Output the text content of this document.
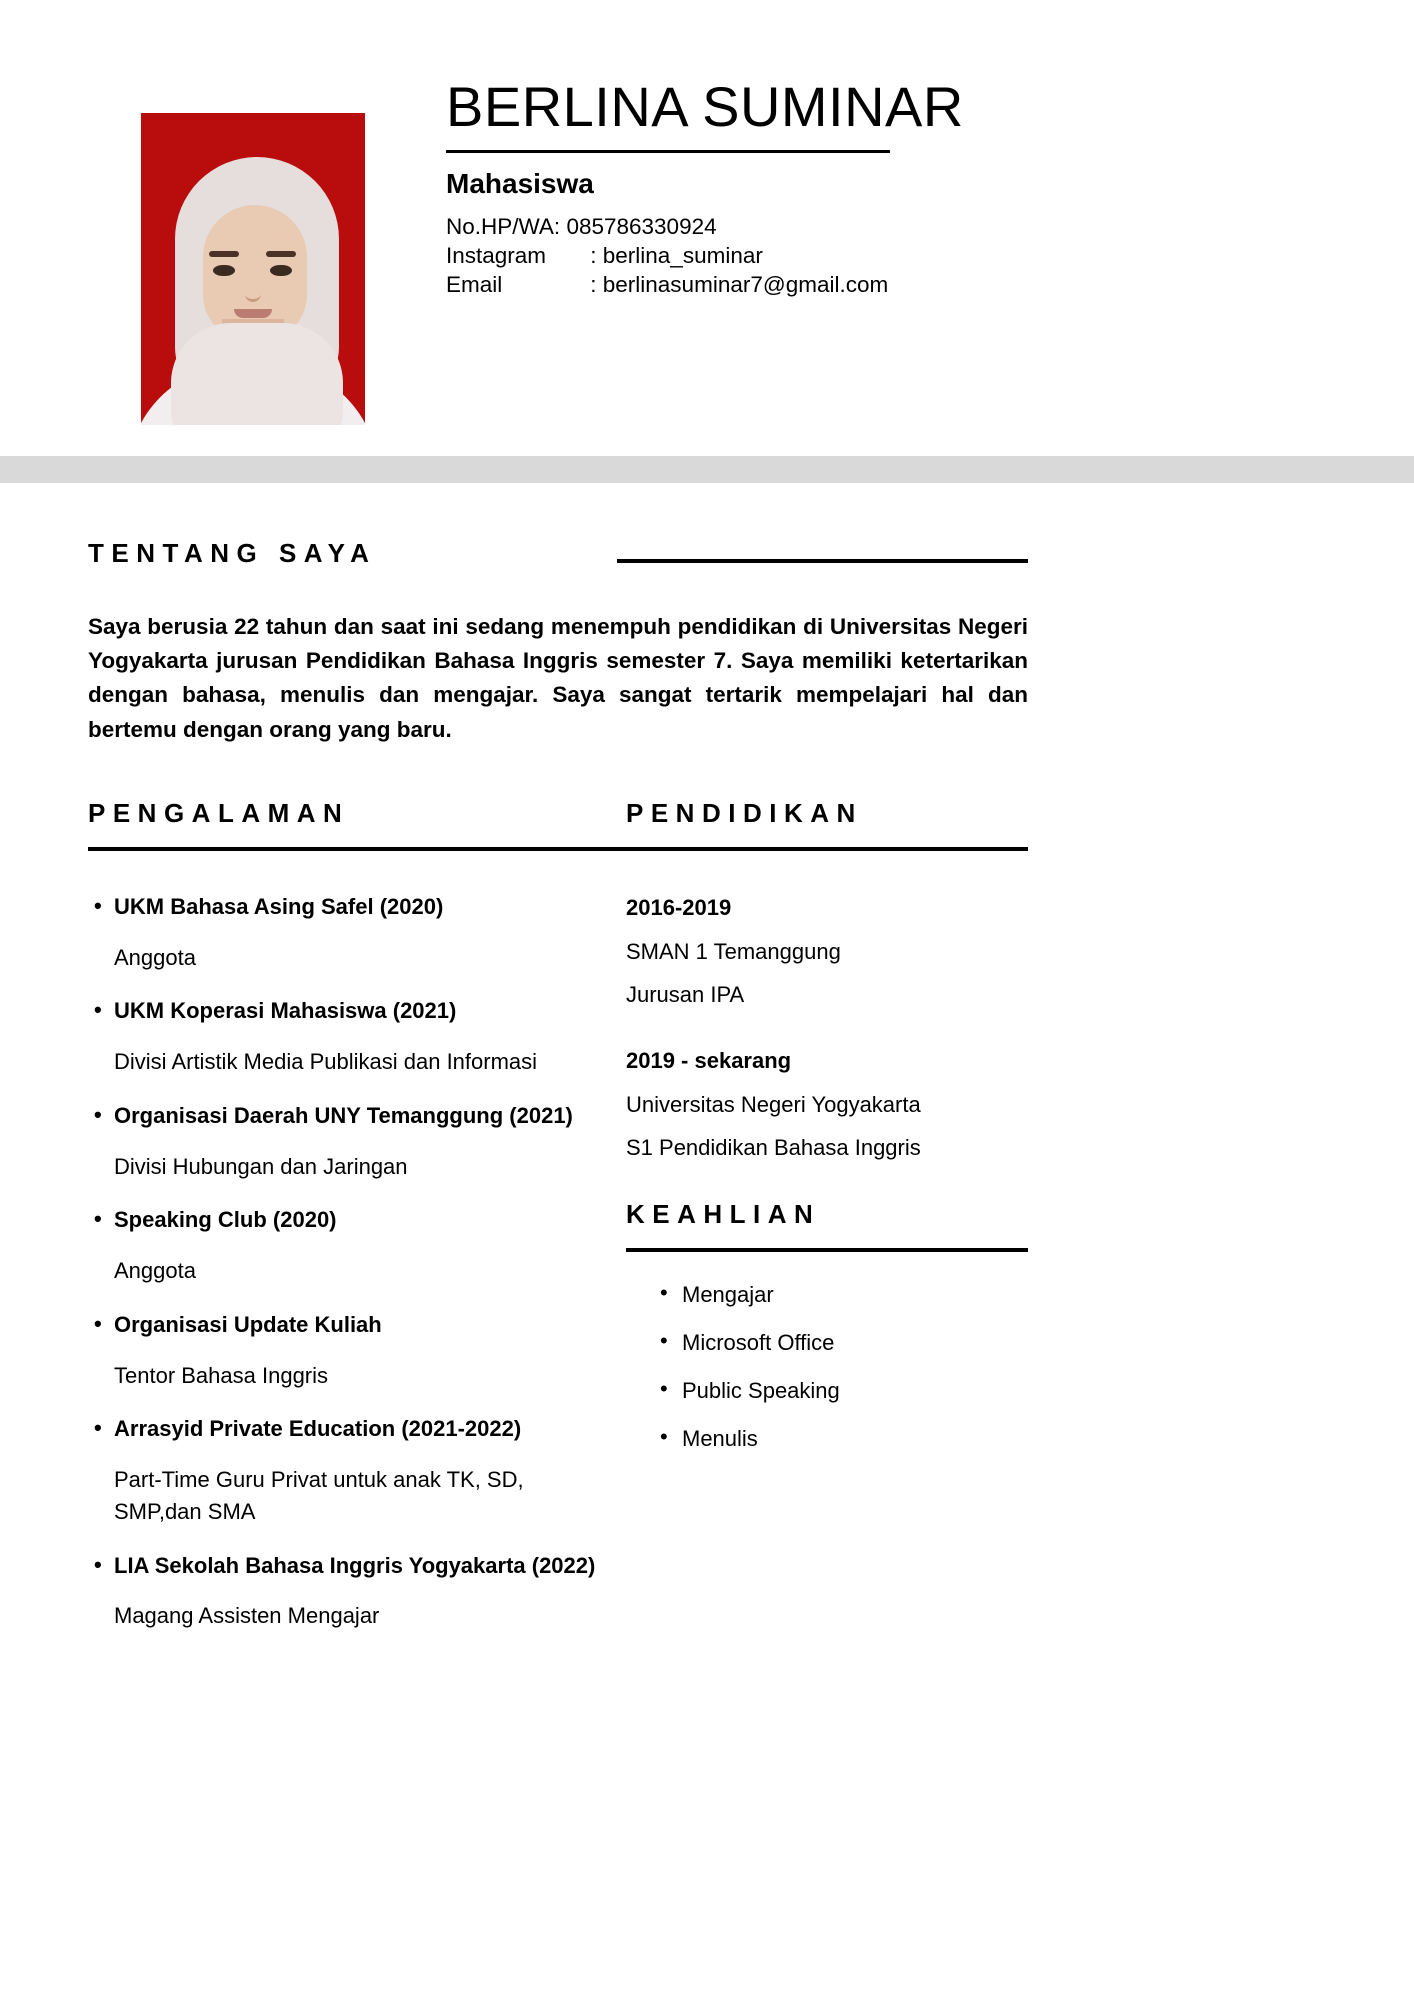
BERLINA SUMINAR
Mahasiswa
No.HP/WA: 085786330924
Instagram : berlina_suminar
Email	: berlinasuminar7@gmail.com
TENTANG SAYA
Saya berusia 22 tahun dan saat ini sedang menempuh pendidikan di Universitas Negeri Yogyakarta jurusan Pendidikan Bahasa Inggris semester 7. Saya memiliki ketertarikan dengan bahasa, menulis dan mengajar. Saya sangat tertarik mempelajari hal dan bertemu dengan orang yang baru.
PENGALAMAN
• UKM Bahasa Asing Safel (2020)
Anggota
• UKM Koperasi Mahasiswa (2021)
Divisi Artistik Media Publikasi dan Informasi
• Organisasi Daerah UNY Temanggung (2021)
Divisi Hubungan dan Jaringan
• Speaking Club (2020)
Anggota
• Organisasi Update Kuliah
Tentor Bahasa Inggris
• Arrasyid Private Education (2021-2022)
Part-Time Guru Privat untuk anak TK, SD, SMP,dan SMA
• LIA Sekolah Bahasa Inggris Yogyakarta (2022)
Magang Assisten Mengajar
PENDIDIKAN
2016-2019
SMAN 1 Temanggung
Jurusan IPA
2019 - sekarang
Universitas Negeri Yogyakarta
S1 Pendidikan Bahasa Inggris
KEAHLIAN
• Mengajar
• Microsoft Office
• Public Speaking
• Menulis
